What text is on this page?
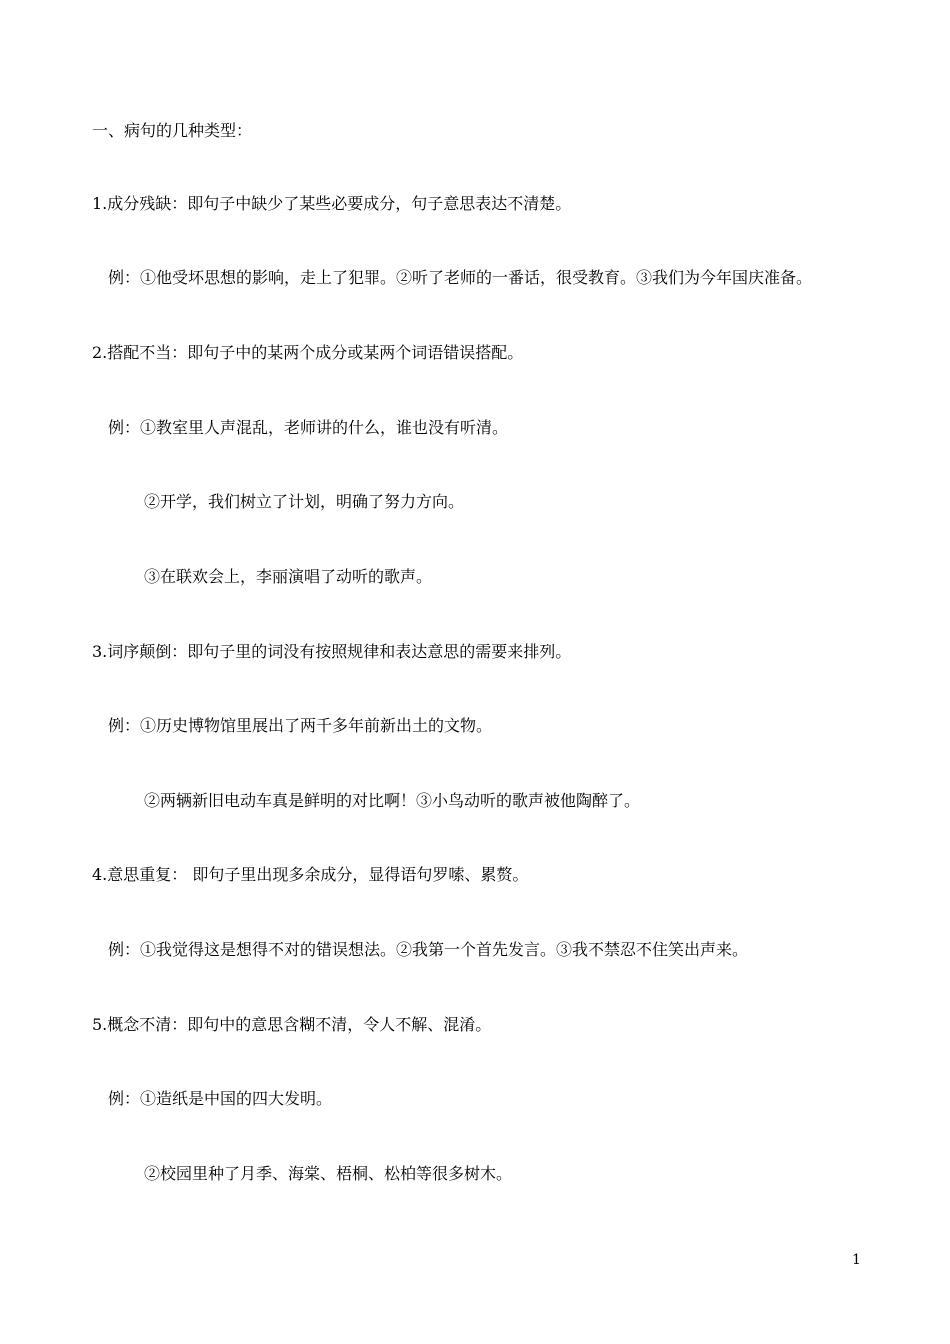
一、病句的几种类型：
1.成分残缺：即句子中缺少了某些必要成分，句子意思表达不清楚。
例：①他受坏思想的影响，走上了犯罪。②听了老师的一番话，很受教育。③我们为今年国庆准备。
2.搭配不当：即句子中的某两个成分或某两个词语错误搭配。
例：①教室里人声混乱，老师讲的什么，谁也没有听清。
②开学，我们树立了计划，明确了努力方向。
③在联欢会上，李丽演唱了动听的歌声。
3.词序颠倒：即句子里的词没有按照规律和表达意思的需要来排列。
例：①历史博物馆里展出了两千多年前新出土的文物。
②两辆新旧电动车真是鲜明的对比啊！③小鸟动听的歌声被他陶醉了。
4.意思重复： 即句子里出现多余成分，显得语句罗嗦、累赘。
例：①我觉得这是想得不对的错误想法。②我第一个首先发言。③我不禁忍不住笑出声来。
5.概念不清：即句中的意思含糊不清，令人不解、混淆。
例：①造纸是中国的四大发明。
②校园里种了月季、海棠、梧桐、松柏等很多树木。
1
